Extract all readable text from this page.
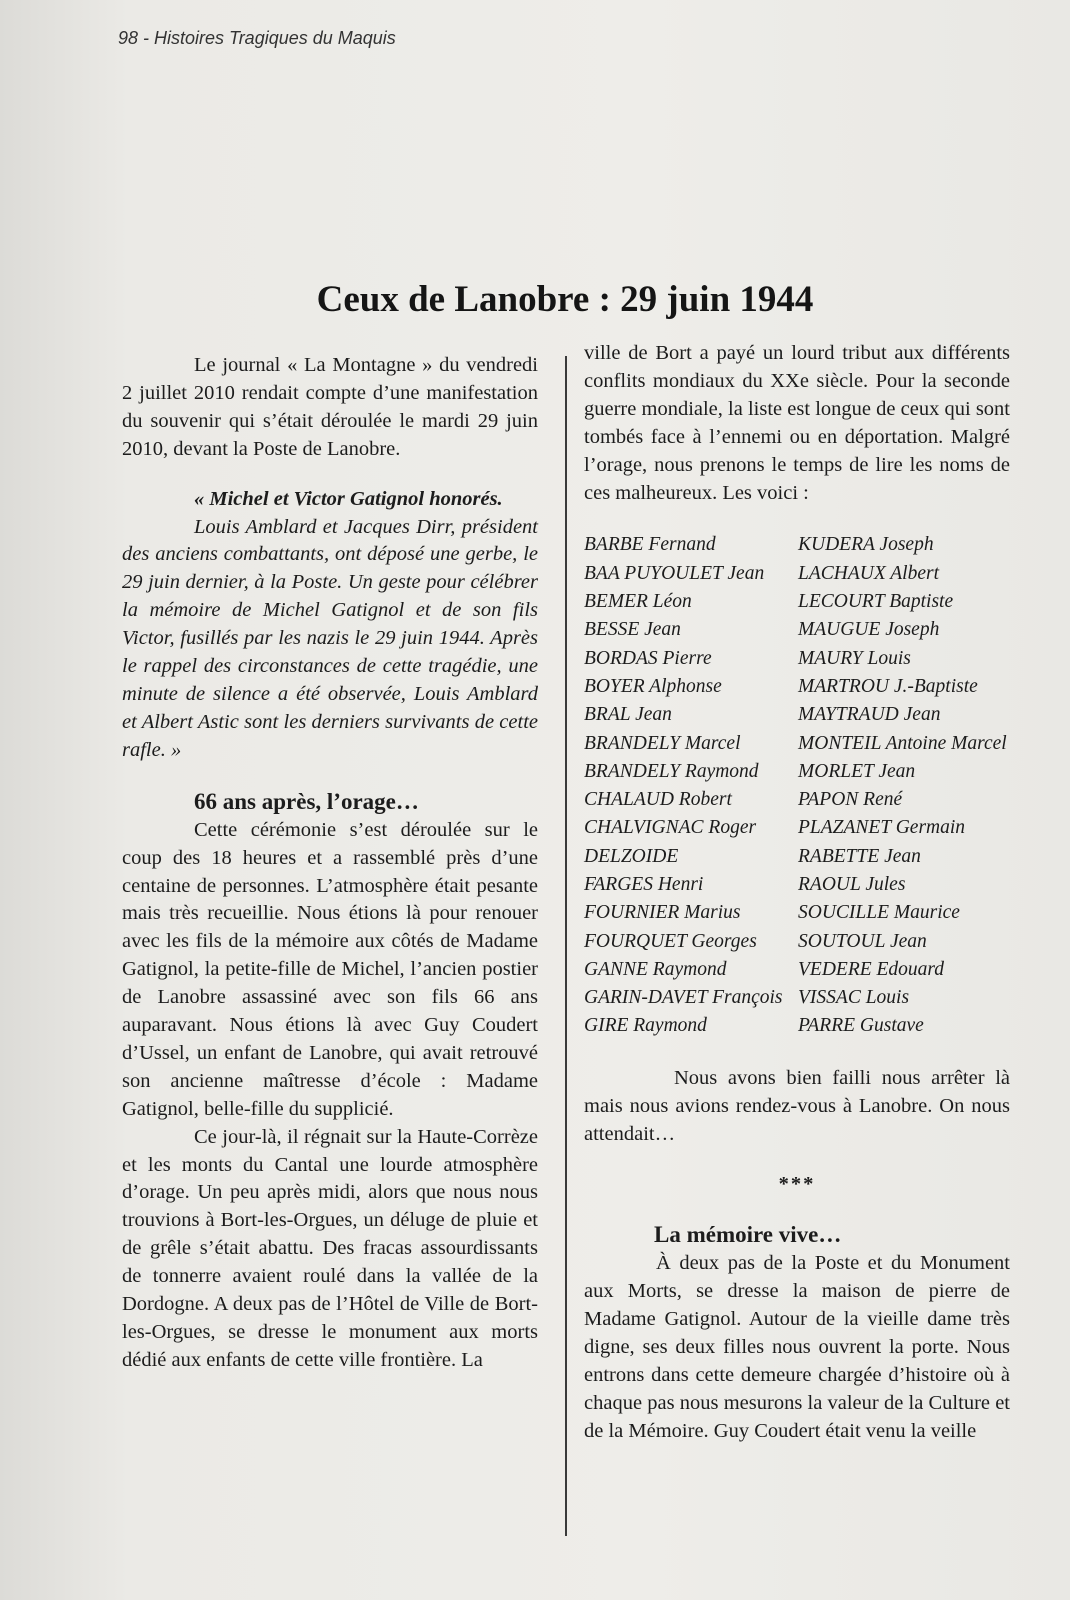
98 - Histoires Tragiques du Maquis
Ceux de Lanobre : 29 juin 1944

Le journal « La Montagne » du vendredi 2 juillet 2010 rendait compte d’une manifestation du souvenir qui s’était déroulée le mardi 29 juin 2010, devant la Poste de Lanobre.

« Michel et Victor Gatignol honorés.

Louis Amblard et Jacques Dirr, président des anciens combattants, ont déposé une gerbe, le 29 juin dernier, à la Poste. Un geste pour célébrer la mémoire de Michel Gatignol et de son fils Victor, fusillés par les nazis le 29 juin 1944. Après le rappel des circonstances de cette tragédie, une minute de silence a été observée, Louis Amblard et Albert Astic sont les derniers survivants de cette rafle. »

66 ans après, l’orage…

Cette cérémonie s’est déroulée sur le coup des 18 heures et a rassemblé près d’une centaine de personnes. L’atmosphère était pesante mais très recueillie. Nous étions là pour renouer avec les fils de la mémoire aux côtés de Madame Gatignol, la petite-fille de Michel, l’ancien postier de Lanobre assassiné avec son fils 66 ans auparavant. Nous étions là avec Guy Coudert d’Ussel, un enfant de Lanobre, qui avait retrouvé son ancienne maîtresse d’école : Madame Gatignol, belle-fille du supplicié.

Ce jour-là, il régnait sur la Haute-Corrèze et les monts du Cantal une lourde atmosphère d’orage. Un peu après midi, alors que nous nous trouvions à Bort-les-Orgues, un déluge de pluie et de grêle s’était abattu. Des fracas assourdissants de tonnerre avaient roulé dans la vallée de la Dordogne. A deux pas de l’Hôtel de Ville de Bort-les-Orgues, se dresse le monument aux morts dédié aux enfants de cette ville frontière. La

ville de Bort a payé un lourd tribut aux différents conflits mondiaux du XXe siècle. Pour la seconde guerre mondiale, la liste est longue de ceux qui sont tombés face à l’ennemi ou en déportation. Malgré l’orage, nous prenons le temps de lire les noms de ces malheureux. Les voici :

BARBE Fernand
BAA PUYOULET Jean
BEMER Léon
BESSE Jean
BORDAS Pierre
BOYER Alphonse
BRAL Jean
BRANDELY Marcel
BRANDELY Raymond
CHALAUD Robert
CHALVIGNAC Roger
DELZOIDE
FARGES Henri
FOURNIER Marius
FOURQUET Georges
GANNE Raymond
GARIN-DAVET François
GIRE Raymond
KUDERA Joseph
LACHAUX Albert
LECOURT Baptiste
MAUGUE Joseph
MAURY Louis
MARTROU J.-Baptiste
MAYTRAUD Jean
MONTEIL Antoine Marcel
MORLET Jean
PAPON René
PLAZANET Germain
RABETTE Jean
RAOUL Jules
SOUCILLE Maurice
SOUTOUL Jean
VEDERE Edouard
VISSAC Louis
PARRE Gustave

Nous avons bien failli nous arrêter là mais nous avions rendez-vous à Lanobre. On nous attendait…

***
La mémoire vive…

À deux pas de la Poste et du Monument aux Morts, se dresse la maison de pierre de Madame Gatignol. Autour de la vieille dame très digne, ses deux filles nous ouvrent la porte. Nous entrons dans cette demeure chargée d’histoire où à chaque pas nous mesurons la valeur de la Culture et de la Mémoire. Guy Coudert était venu la veille
